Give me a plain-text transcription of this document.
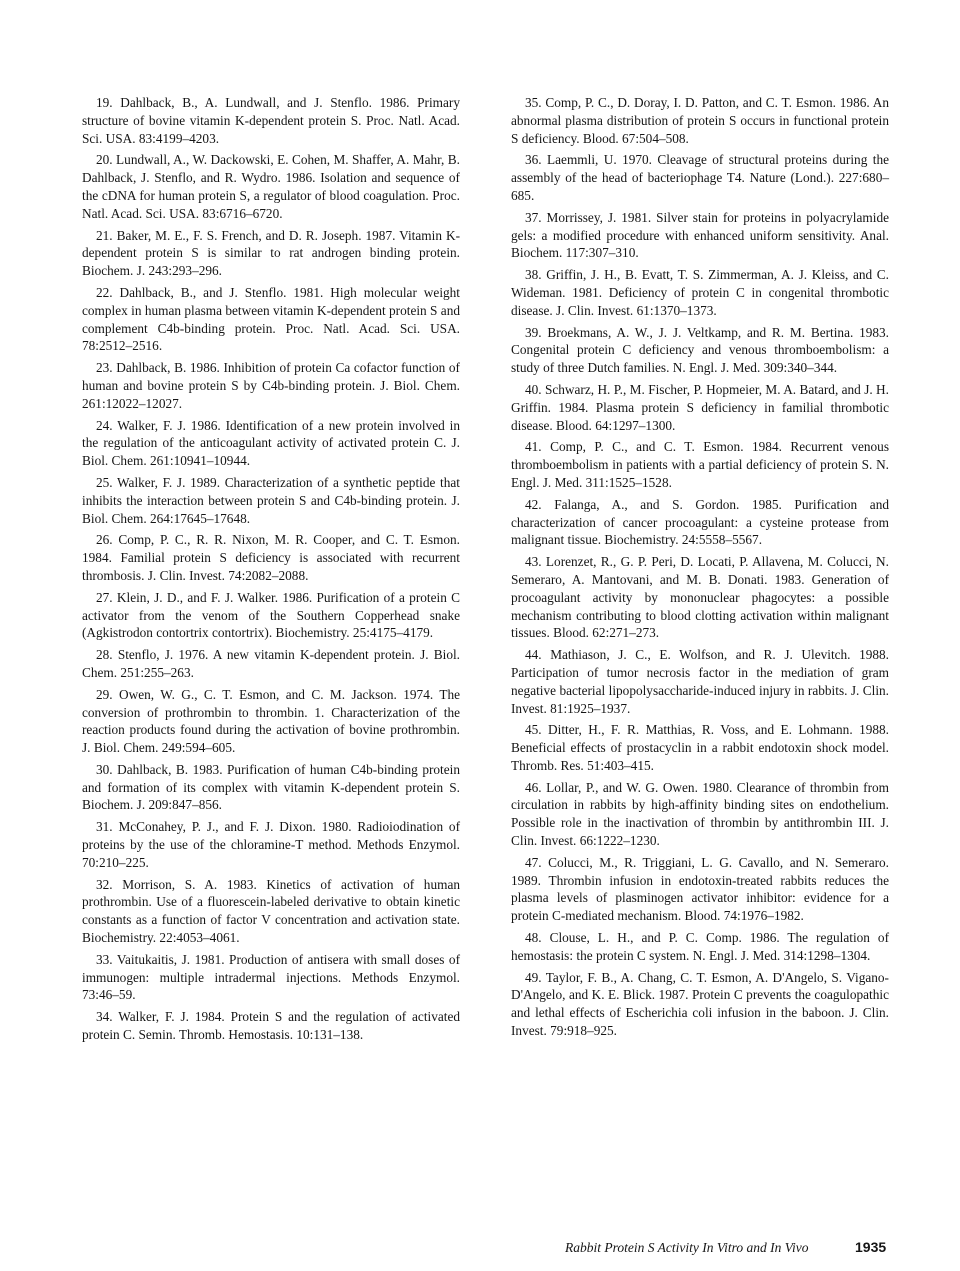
19. Dahlback, B., A. Lundwall, and J. Stenflo. 1986. Primary structure of bovine vitamin K-dependent protein S. Proc. Natl. Acad. Sci. USA. 83:4199–4203.

20. Lundwall, A., W. Dackowski, E. Cohen, M. Shaffer, A. Mahr, B. Dahlback, J. Stenflo, and R. Wydro. 1986. Isolation and sequence of the cDNA for human protein S, a regulator of blood coagulation. Proc. Natl. Acad. Sci. USA. 83:6716–6720.

21. Baker, M. E., F. S. French, and D. R. Joseph. 1987. Vitamin K-dependent protein S is similar to rat androgen binding protein. Biochem. J. 243:293–296.

22. Dahlback, B., and J. Stenflo. 1981. High molecular weight complex in human plasma between vitamin K-dependent protein S and complement C4b-binding protein. Proc. Natl. Acad. Sci. USA. 78:2512–2516.

23. Dahlback, B. 1986. Inhibition of protein Ca cofactor function of human and bovine protein S by C4b-binding protein. J. Biol. Chem. 261:12022–12027.

24. Walker, F. J. 1986. Identification of a new protein involved in the regulation of the anticoagulant activity of activated protein C. J. Biol. Chem. 261:10941–10944.

25. Walker, F. J. 1989. Characterization of a synthetic peptide that inhibits the interaction between protein S and C4b-binding protein. J. Biol. Chem. 264:17645–17648.

26. Comp, P. C., R. R. Nixon, M. R. Cooper, and C. T. Esmon. 1984. Familial protein S deficiency is associated with recurrent thrombosis. J. Clin. Invest. 74:2082–2088.

27. Klein, J. D., and F. J. Walker. 1986. Purification of a protein C activator from the venom of the Southern Copperhead snake (Agkistrodon contortrix contortrix). Biochemistry. 25:4175–4179.

28. Stenflo, J. 1976. A new vitamin K-dependent protein. J. Biol. Chem. 251:255–263.

29. Owen, W. G., C. T. Esmon, and C. M. Jackson. 1974. The conversion of prothrombin to thrombin. 1. Characterization of the reaction products found during the activation of bovine prothrombin. J. Biol. Chem. 249:594–605.

30. Dahlback, B. 1983. Purification of human C4b-binding protein and formation of its complex with vitamin K-dependent protein S. Biochem. J. 209:847–856.

31. McConahey, P. J., and F. J. Dixon. 1980. Radioiodination of proteins by the use of the chloramine-T method. Methods Enzymol. 70:210–225.

32. Morrison, S. A. 1983. Kinetics of activation of human prothrombin. Use of a fluorescein-labeled derivative to obtain kinetic constants as a function of factor V concentration and activation state. Biochemistry. 22:4053–4061.

33. Vaitukaitis, J. 1981. Production of antisera with small doses of immunogen: multiple intradermal injections. Methods Enzymol. 73:46–59.

34. Walker, F. J. 1984. Protein S and the regulation of activated protein C. Semin. Thromb. Hemostasis. 10:131–138.

35. Comp, P. C., D. Doray, I. D. Patton, and C. T. Esmon. 1986. An abnormal plasma distribution of protein S occurs in functional protein S deficiency. Blood. 67:504–508.

36. Laemmli, U. 1970. Cleavage of structural proteins during the assembly of the head of bacteriophage T4. Nature (Lond.). 227:680–685.

37. Morrissey, J. 1981. Silver stain for proteins in polyacrylamide gels: a modified procedure with enhanced uniform sensitivity. Anal. Biochem. 117:307–310.

38. Griffin, J. H., B. Evatt, T. S. Zimmerman, A. J. Kleiss, and C. Wideman. 1981. Deficiency of protein C in congenital thrombotic disease. J. Clin. Invest. 61:1370–1373.

39. Broekmans, A. W., J. J. Veltkamp, and R. M. Bertina. 1983. Congenital protein C deficiency and venous thromboembolism: a study of three Dutch families. N. Engl. J. Med. 309:340–344.

40. Schwarz, H. P., M. Fischer, P. Hopmeier, M. A. Batard, and J. H. Griffin. 1984. Plasma protein S deficiency in familial thrombotic disease. Blood. 64:1297–1300.

41. Comp, P. C., and C. T. Esmon. 1984. Recurrent venous thromboembolism in patients with a partial deficiency of protein S. N. Engl. J. Med. 311:1525–1528.

42. Falanga, A., and S. Gordon. 1985. Purification and characterization of cancer procoagulant: a cysteine protease from malignant tissue. Biochemistry. 24:5558–5567.

43. Lorenzet, R., G. P. Peri, D. Locati, P. Allavena, M. Colucci, N. Semeraro, A. Mantovani, and M. B. Donati. 1983. Generation of procoagulant activity by mononuclear phagocytes: a possible mechanism contributing to blood clotting activation within malignant tissues. Blood. 62:271–273.

44. Mathiason, J. C., E. Wolfson, and R. J. Ulevitch. 1988. Participation of tumor necrosis factor in the mediation of gram negative bacterial lipopolysaccharide-induced injury in rabbits. J. Clin. Invest. 81:1925–1937.

45. Ditter, H., F. R. Matthias, R. Voss, and E. Lohmann. 1988. Beneficial effects of prostacyclin in a rabbit endotoxin shock model. Thromb. Res. 51:403–415.

46. Lollar, P., and W. G. Owen. 1980. Clearance of thrombin from circulation in rabbits by high-affinity binding sites on endothelium. Possible role in the inactivation of thrombin by antithrombin III. J. Clin. Invest. 66:1222–1230.

47. Colucci, M., R. Triggiani, L. G. Cavallo, and N. Semeraro. 1989. Thrombin infusion in endotoxin-treated rabbits reduces the plasma levels of plasminogen activator inhibitor: evidence for a protein C-mediated mechanism. Blood. 74:1976–1982.

48. Clouse, L. H., and P. C. Comp. 1986. The regulation of hemostasis: the protein C system. N. Engl. J. Med. 314:1298–1304.

49. Taylor, F. B., A. Chang, C. T. Esmon, A. D'Angelo, S. Vigano-D'Angelo, and K. E. Blick. 1987. Protein C prevents the coagulopathic and lethal effects of Escherichia coli infusion in the baboon. J. Clin. Invest. 79:918–925.

Rabbit Protein S Activity In Vitro and In Vivo	1935
